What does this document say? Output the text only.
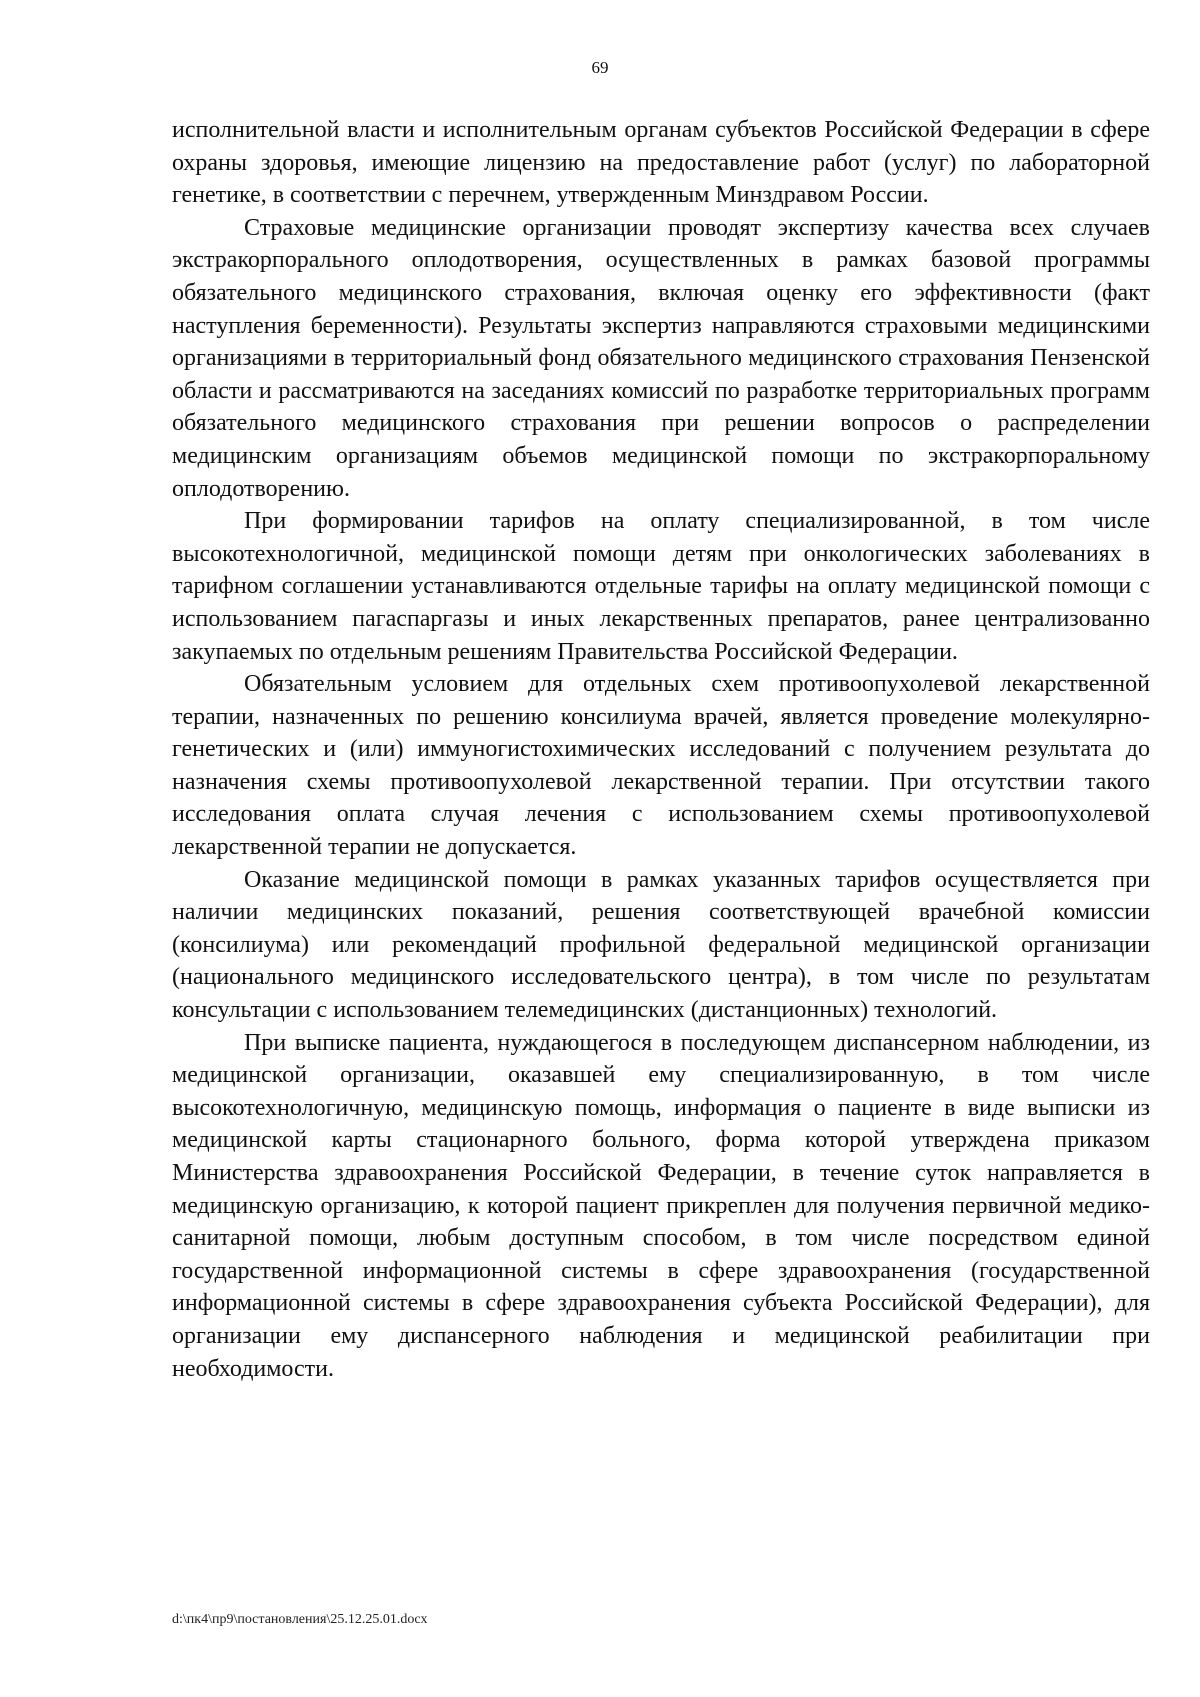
69

исполнительной власти и исполнительным органам субъектов Российской Федерации в сфере охраны здоровья, имеющие лицензию на предоставление работ (услуг) по лабораторной генетике, в соответствии с перечнем, утвержденным Минздравом России.

Страховые медицинские организации проводят экспертизу качества всех случаев экстракорпорального оплодотворения, осуществленных в рамках базовой программы обязательного медицинского страхования, включая оценку его эффективности (факт наступления беременности). Результаты экспертиз направляются страховыми медицинскими организациями в территориальный фонд обязательного медицинского страхования Пензенской области и рассматриваются на заседаниях комиссий по разработке территориальных программ обязательного медицинского страхования при решении вопросов о распределении медицинским организациям объемов медицинской помощи по экстракорпоральному оплодотворению.

При формировании тарифов на оплату специализированной, в том числе высокотехнологичной, медицинской помощи детям при онкологических заболеваниях в тарифном соглашении устанавливаются отдельные тарифы на оплату медицинской помощи с использованием пагаспаргазы и иных лекарственных препаратов, ранее централизованно закупаемых по отдельным решениям Правительства Российской Федерации.

Обязательным условием для отдельных схем противоопухолевой лекарственной терапии, назначенных по решению консилиума врачей, является проведение молекулярно-генетических и (или) иммуногистохимических исследований с получением результата до назначения схемы противоопухолевой лекарственной терапии. При отсутствии такого исследования оплата случая лечения с использованием схемы противоопухолевой лекарственной терапии не допускается.

Оказание медицинской помощи в рамках указанных тарифов осуществляется при наличии медицинских показаний, решения соответствующей врачебной комиссии (консилиума) или рекомендаций профильной федеральной медицинской организации (национального медицинского исследовательского центра), в том числе по результатам консультации с использованием телемедицинских (дистанционных) технологий.

При выписке пациента, нуждающегося в последующем диспансерном наблюдении, из медицинской организации, оказавшей ему специализированную, в том числе высокотехнологичную, медицинскую помощь, информация о пациенте в виде выписки из медицинской карты стационарного больного, форма которой утверждена приказом Министерства здравоохранения Российской Федерации, в течение суток направляется в медицинскую организацию, к которой пациент прикреплен для получения первичной медико-санитарной помощи, любым доступным способом, в том числе посредством единой государственной информационной системы в сфере здравоохранения (государственной информационной системы в сфере здравоохранения субъекта Российской Федерации), для организации ему диспансерного наблюдения и медицинской реабилитации при необходимости.

d:\пк4\пр9\постановления\25.12.25.01.docx
